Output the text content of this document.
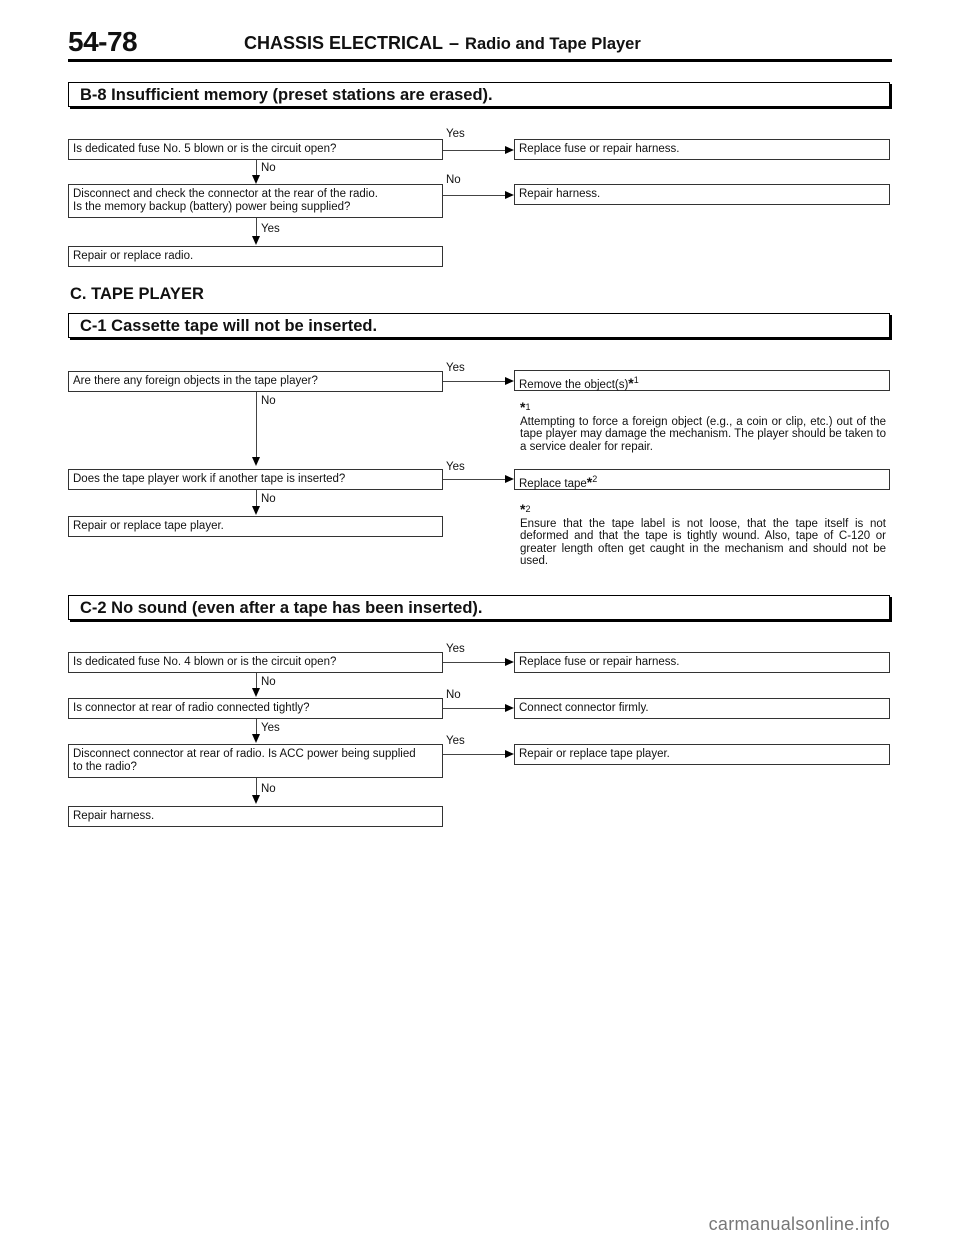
54-78	CHASSIS ELECTRICAL – Radio and Tape Player
B-8 Insufficient memory (preset stations are erased).
Yes
Is dedicated fuse No. 5 blown or is the circuit open?	Replace fuse or repair harness.
No
No
Disconnect and check the connector at the rear of the radio.
Is the memory backup (battery) power being supplied?
Repair harness.
Yes
Repair or replace radio.
C. TAPE PLAYER
C-1 Cassette tape will not be inserted.
Yes
Are there any foreign objects in the tape player?	Remove the object(s)*$^1$
No	*$^1$
Attempting to force a foreign object (e.g., a coin or clip, etc.) out of the tape player may damage the mechanism. The player should be taken to a service dealer for repair.
Yes
Does the tape player work if another tape is inserted?	Replace tape*$^2$
No
Repair or replace tape player.
*$^2$
Ensure that the tape label is not loose, that the tape itself is not deformed and that the tape is tightly wound. Also, tape of C-120 or greater length often get caught in the mechanism and should not be used.
C-2 No sound (even after a tape has been inserted).
Yes
Is dedicated fuse No. 4 blown or is the circuit open?	Replace fuse or repair harness.
No
No
Is connector at rear of radio connected tightly?	Connect connector firmly.
Yes
Yes
Disconnect connector at rear of radio. Is ACC power being supplied
to the radio?
Repair or replace tape player.
No
Repair harness.
carmanualsonline.info
